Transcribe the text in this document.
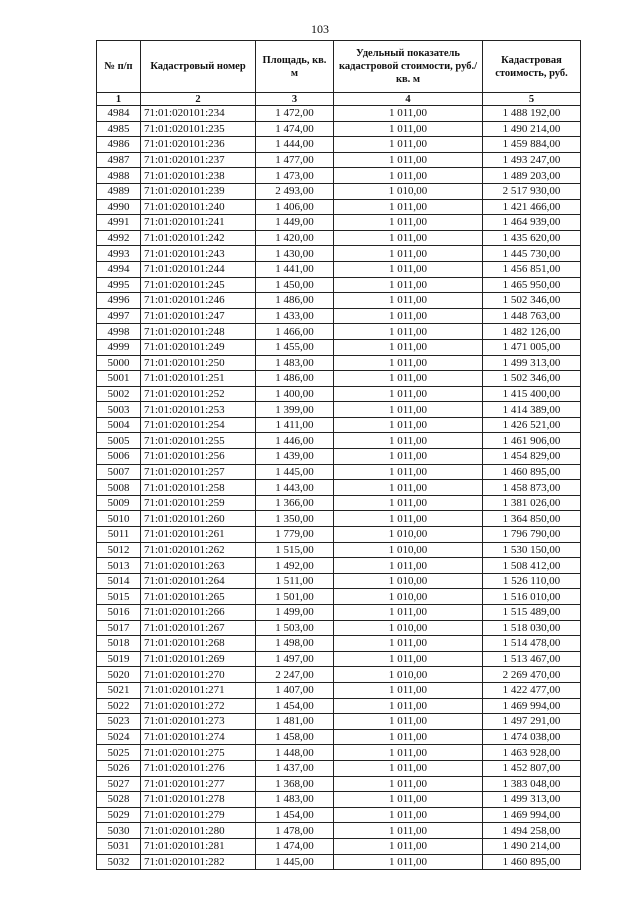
103
№ п/п	Кадастровый номер	Площадь, кв. м	Удельный показатель кадастровой стоимости, руб./кв. м	Кадастровая стоимость, руб.
1	2	3	4	5
4984	71:01:020101:234	1 472,00	1 011,00	1 488 192,00
4985	71:01:020101:235	1 474,00	1 011,00	1 490 214,00
4986	71:01:020101:236	1 444,00	1 011,00	1 459 884,00
4987	71:01:020101:237	1 477,00	1 011,00	1 493 247,00
4988	71:01:020101:238	1 473,00	1 011,00	1 489 203,00
4989	71:01:020101:239	2 493,00	1 010,00	2 517 930,00
4990	71:01:020101:240	1 406,00	1 011,00	1 421 466,00
4991	71:01:020101:241	1 449,00	1 011,00	1 464 939,00
4992	71:01:020101:242	1 420,00	1 011,00	1 435 620,00
4993	71:01:020101:243	1 430,00	1 011,00	1 445 730,00
4994	71:01:020101:244	1 441,00	1 011,00	1 456 851,00
4995	71:01:020101:245	1 450,00	1 011,00	1 465 950,00
4996	71:01:020101:246	1 486,00	1 011,00	1 502 346,00
4997	71:01:020101:247	1 433,00	1 011,00	1 448 763,00
4998	71:01:020101:248	1 466,00	1 011,00	1 482 126,00
4999	71:01:020101:249	1 455,00	1 011,00	1 471 005,00
5000	71:01:020101:250	1 483,00	1 011,00	1 499 313,00
5001	71:01:020101:251	1 486,00	1 011,00	1 502 346,00
5002	71:01:020101:252	1 400,00	1 011,00	1 415 400,00
5003	71:01:020101:253	1 399,00	1 011,00	1 414 389,00
5004	71:01:020101:254	1 411,00	1 011,00	1 426 521,00
5005	71:01:020101:255	1 446,00	1 011,00	1 461 906,00
5006	71:01:020101:256	1 439,00	1 011,00	1 454 829,00
5007	71:01:020101:257	1 445,00	1 011,00	1 460 895,00
5008	71:01:020101:258	1 443,00	1 011,00	1 458 873,00
5009	71:01:020101:259	1 366,00	1 011,00	1 381 026,00
5010	71:01:020101:260	1 350,00	1 011,00	1 364 850,00
5011	71:01:020101:261	1 779,00	1 010,00	1 796 790,00
5012	71:01:020101:262	1 515,00	1 010,00	1 530 150,00
5013	71:01:020101:263	1 492,00	1 011,00	1 508 412,00
5014	71:01:020101:264	1 511,00	1 010,00	1 526 110,00
5015	71:01:020101:265	1 501,00	1 010,00	1 516 010,00
5016	71:01:020101:266	1 499,00	1 011,00	1 515 489,00
5017	71:01:020101:267	1 503,00	1 010,00	1 518 030,00
5018	71:01:020101:268	1 498,00	1 011,00	1 514 478,00
5019	71:01:020101:269	1 497,00	1 011,00	1 513 467,00
5020	71:01:020101:270	2 247,00	1 010,00	2 269 470,00
5021	71:01:020101:271	1 407,00	1 011,00	1 422 477,00
5022	71:01:020101:272	1 454,00	1 011,00	1 469 994,00
5023	71:01:020101:273	1 481,00	1 011,00	1 497 291,00
5024	71:01:020101:274	1 458,00	1 011,00	1 474 038,00
5025	71:01:020101:275	1 448,00	1 011,00	1 463 928,00
5026	71:01:020101:276	1 437,00	1 011,00	1 452 807,00
5027	71:01:020101:277	1 368,00	1 011,00	1 383 048,00
5028	71:01:020101:278	1 483,00	1 011,00	1 499 313,00
5029	71:01:020101:279	1 454,00	1 011,00	1 469 994,00
5030	71:01:020101:280	1 478,00	1 011,00	1 494 258,00
5031	71:01:020101:281	1 474,00	1 011,00	1 490 214,00
5032	71:01:020101:282	1 445,00	1 011,00	1 460 895,00
